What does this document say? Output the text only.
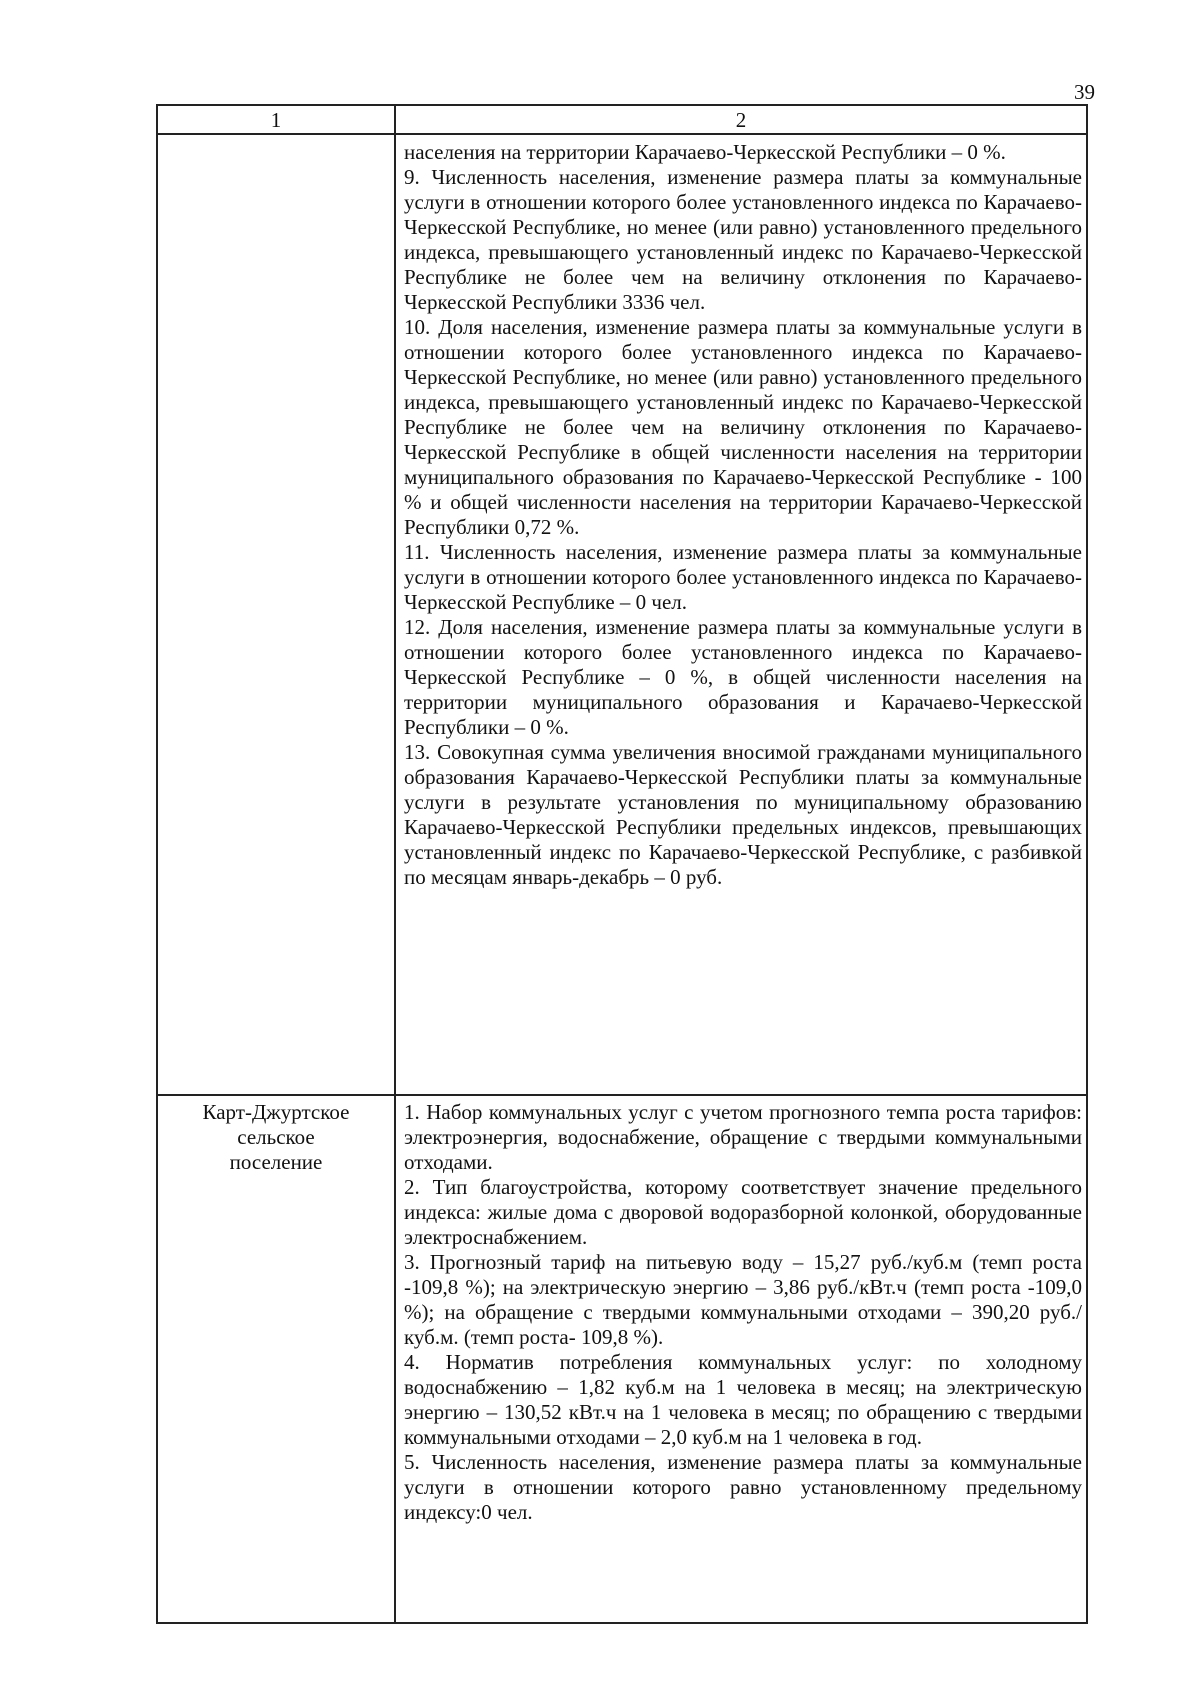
39
1	2

населения на территории Карачаево-Черкесской Республики – 0 %.

9. Численность населения, изменение размера платы за коммунальные услуги в отношении которого более установленного индекса по Карачаево-Черкесской Республике, но менее (или равно) установленного предельного индекса, превышающего установленный индекс по Карачаево-Черкесской Республике не более чем на величину отклонения по Карачаево-Черкесской Республики 3336 чел.

10. Доля населения, изменение размера платы за коммунальные услуги в отношении которого более установленного индекса по Карачаево-Черкесской Республике, но менее (или равно) установленного предельного индекса, превышающего установленный индекс по Карачаево-Черкесской Республике не более чем на величину отклонения по Карачаево-Черкесской Республике в общей численности населения на территории муниципального образования по Карачаево-Черкесской Республике - 100 % и общей численности населения на территории Карачаево-Черкесской Республики 0,72 %.

11. Численность населения, изменение размера платы за коммунальные услуги в отношении которого более установленного индекса по Карачаево-Черкесской Республике – 0 чел.

12. Доля населения, изменение размера платы за коммунальные услуги в отношении которого более установленного индекса по Карачаево-Черкесской Республике – 0 %, в общей численности населения на территории муниципального образования и Карачаево-Черкесской Республики – 0 %.

13. Совокупная сумма увеличения вносимой гражданами муниципального образования Карачаево-Черкесской Республики платы за коммунальные услуги в результате установления по муниципальному образованию Карачаево-Черкесской Республики предельных индексов, превышающих установленный индекс по Карачаево-Черкесской Республике, с разбивкой по месяцам январь-декабрь – 0 руб.

Карт-Джуртское
сельское
поселение

1. Набор коммунальных услуг с учетом прогнозного темпа роста тарифов: электроэнергия, водоснабжение, обращение с твердыми коммунальными отходами.

2. Тип благоустройства, которому соответствует значение предельного индекса: жилые дома с дворовой водоразборной колонкой, оборудованные электроснабжением.

3. Прогнозный тариф на питьевую воду – 15,27 руб./куб.м (темп роста -109,8 %); на электрическую энергию – 3,86 руб./кВт.ч (темп роста -109,0 %); на обращение с твердыми коммунальными отходами – 390,20 руб./куб.м. (темп роста- 109,8 %).

4. Норматив потребления коммунальных услуг: по холодному водоснабжению – 1,82 куб.м на 1 человека в месяц; на электрическую энергию – 130,52 кВт.ч на 1 человека в месяц; по обращению с твердыми коммунальными отходами – 2,0 куб.м на 1 человека в год.

5. Численность населения, изменение размера платы за коммунальные услуги в отношении которого равно установленному предельному индексу:0 чел.
